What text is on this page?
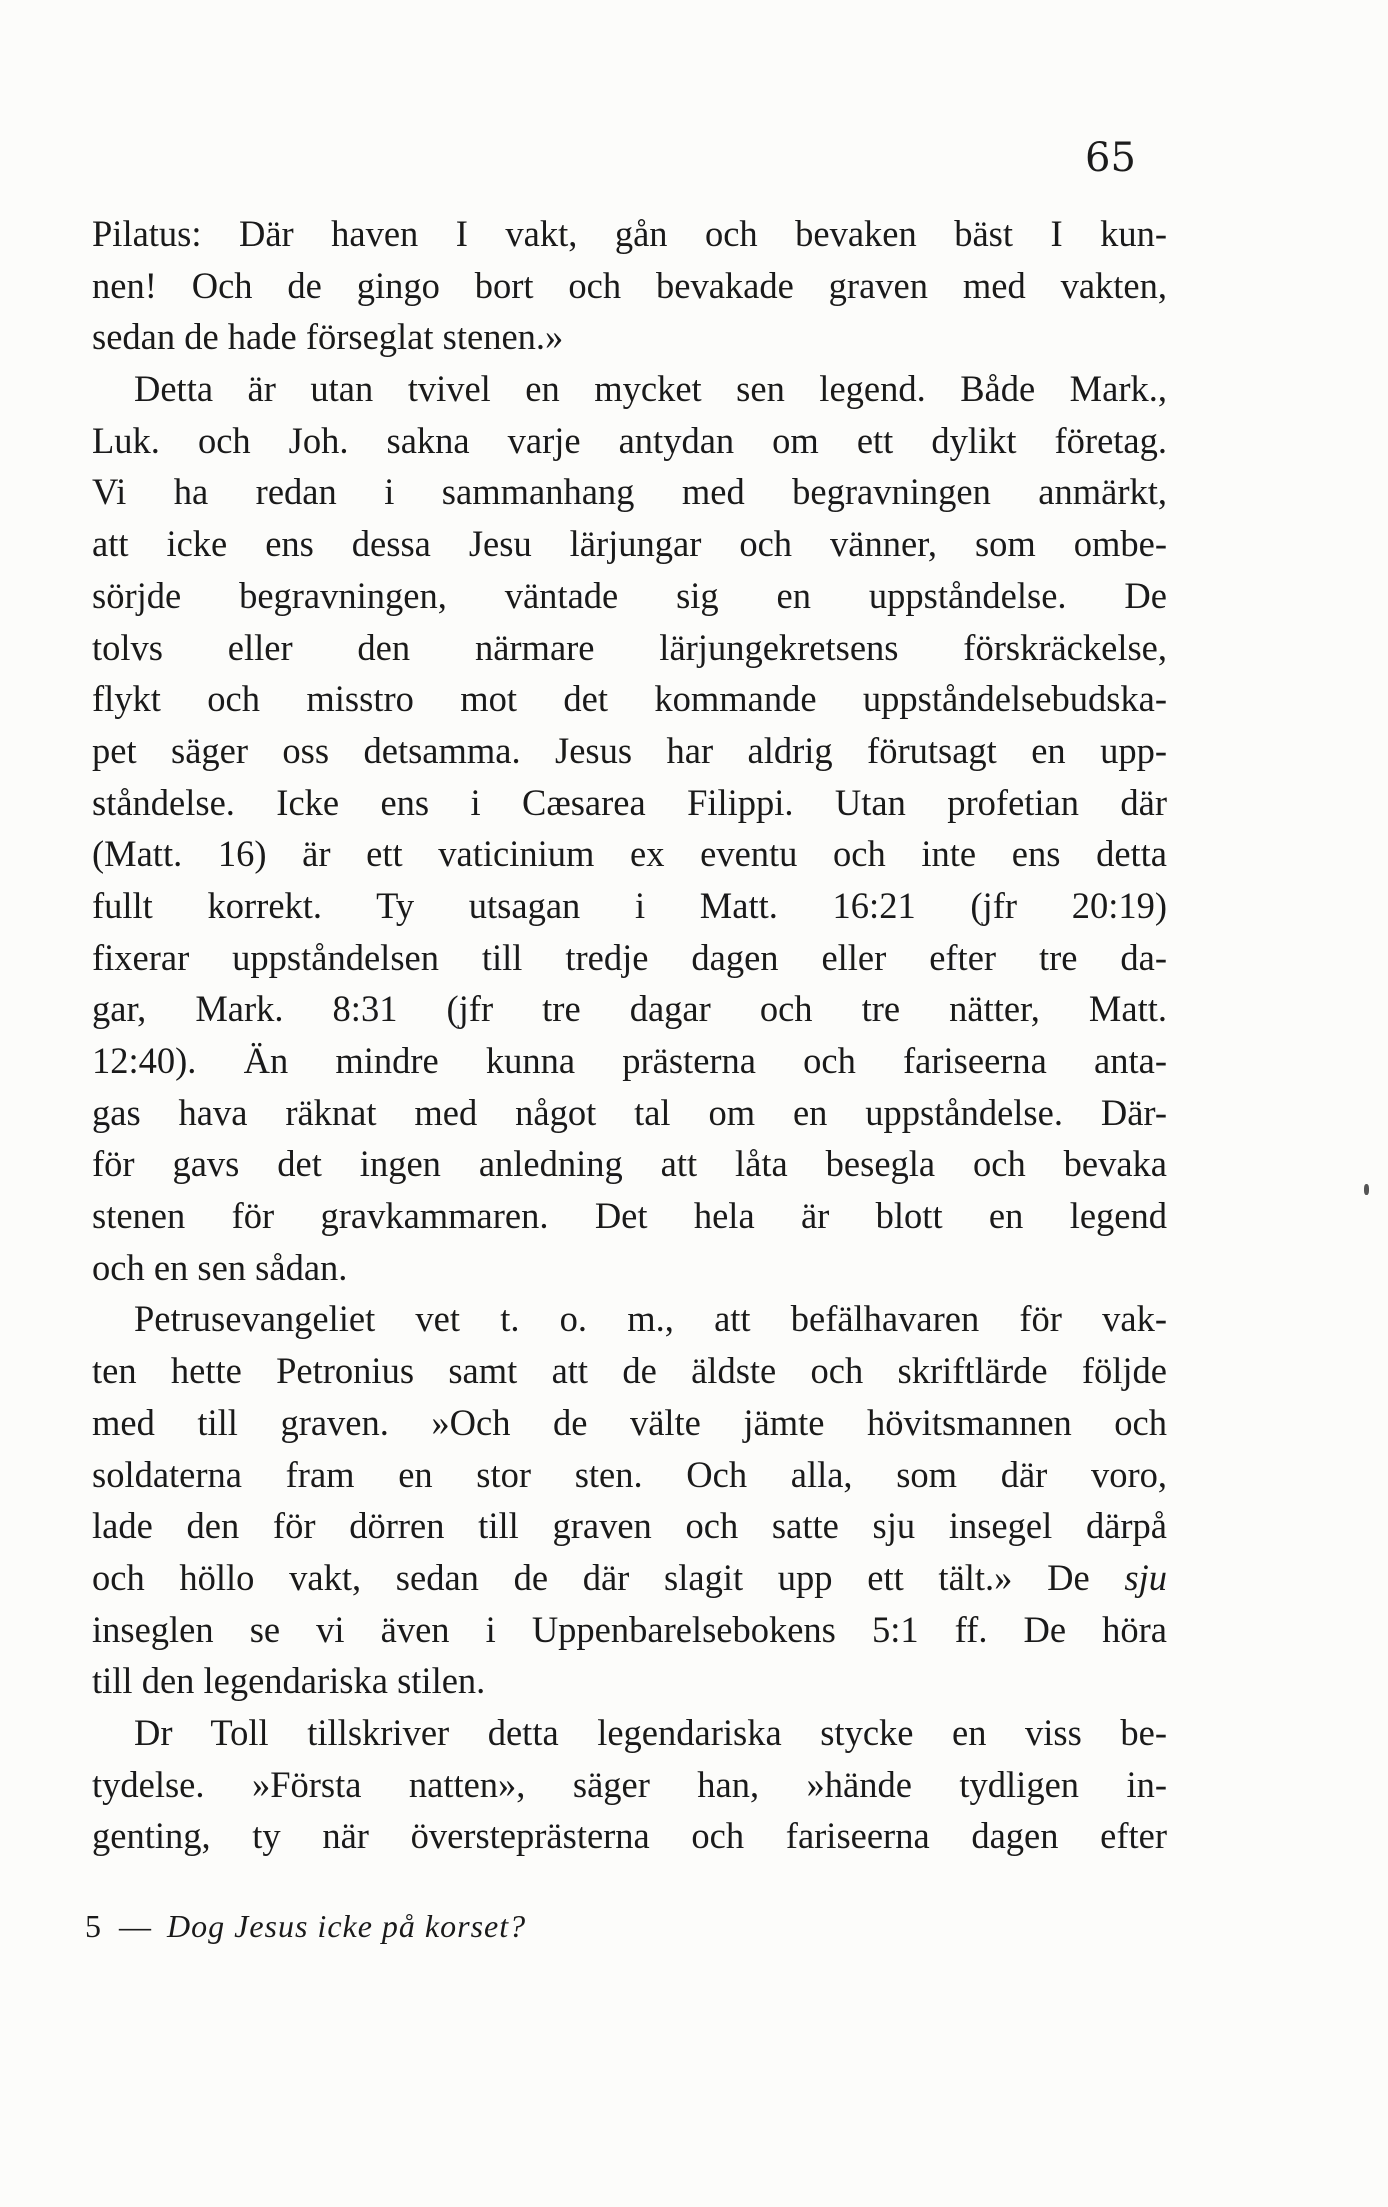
65
Pilatus: Där haven I vakt, gån och bevaken bäst I kun-
nen! Och de gingo bort och bevakade graven med vakten,
sedan de hade förseglat stenen.»
Detta är utan tvivel en mycket sen legend. Både Mark.,
Luk. och Joh. sakna varje antydan om ett dylikt företag.
Vi ha redan i sammanhang med begravningen anmärkt,
att icke ens dessa Jesu lärjungar och vänner, som ombe-
sörjde begravningen, väntade sig en uppståndelse. De
tolvs eller den närmare lärjungekretsens förskräckelse,
flykt och misstro mot det kommande uppståndelsebudska-
pet säger oss detsamma. Jesus har aldrig förutsagt en upp-
ståndelse. Icke ens i Cæsarea Filippi. Utan profetian där
(Matt. 16) är ett vaticinium ex eventu och inte ens detta
fullt korrekt. Ty utsagan i Matt. 16:21 (jfr 20:19)
fixerar uppståndelsen till tredje dagen eller efter tre da-
gar, Mark. 8:31 (jfr tre dagar och tre nätter, Matt.
12:40). Än mindre kunna prästerna och fariseerna anta-
gas hava räknat med något tal om en uppståndelse. Där-
för gavs det ingen anledning att låta besegla och bevaka
stenen för gravkammaren. Det hela är blott en legend
och en sen sådan.
Petrusevangeliet vet t. o. m., att befälhavaren för vak-
ten hette Petronius samt att de äldste och skriftlärde följde
med till graven. »Och de välte jämte hövitsmannen och
soldaterna fram en stor sten. Och alla, som där voro,
lade den för dörren till graven och satte sju insegel därpå
och höllo vakt, sedan de där slagit upp ett tält.» De sju
inseglen se vi även i Uppenbarelsebokens 5:1 ff. De höra
till den legendariska stilen.
Dr Toll tillskriver detta legendariska stycke en viss be-
tydelse. »Första natten», säger han, »hände tydligen in-
genting, ty när översteprästerna och fariseerna dagen efter
5 — Dog Jesus icke på korset?
